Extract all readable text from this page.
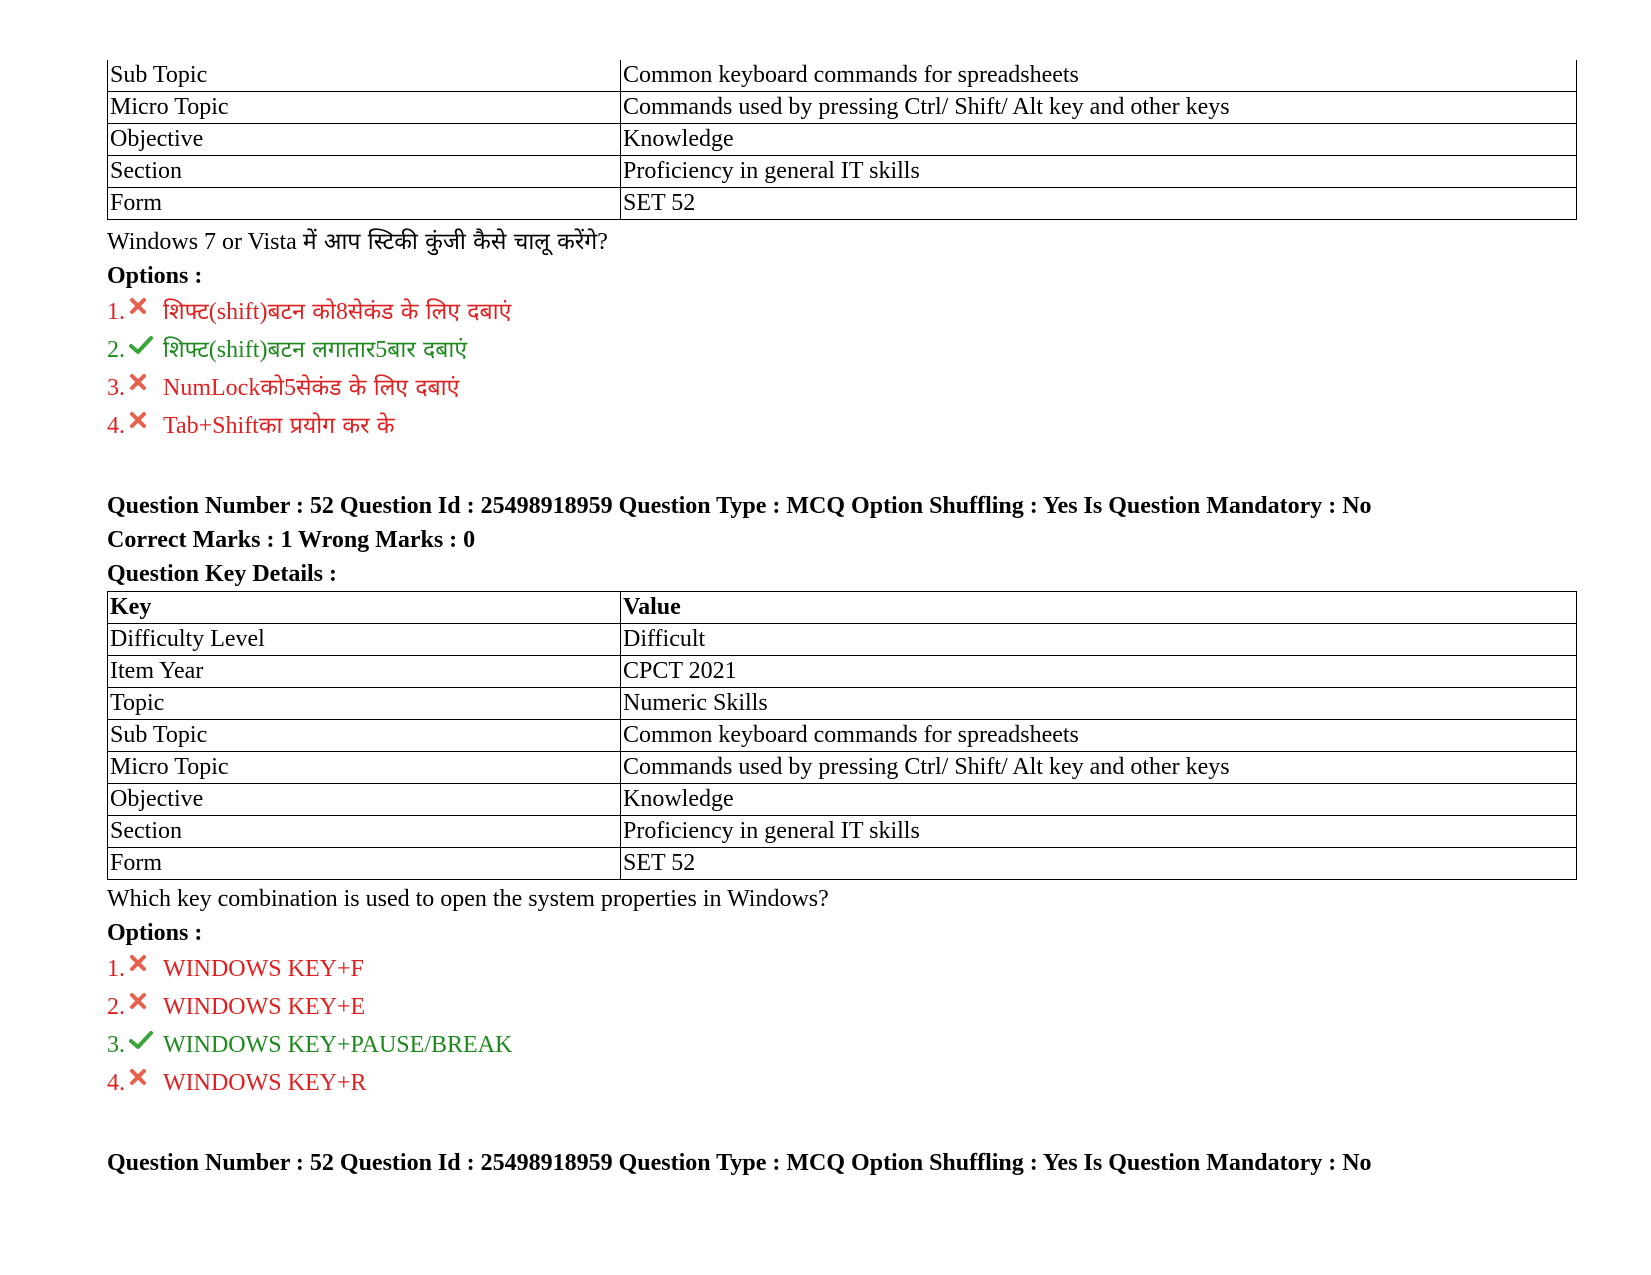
Sub Topic	Common keyboard commands for spreadsheets
Micro Topic	Commands used by pressing Ctrl/ Shift/ Alt key and other keys
Objective	Knowledge
Section	Proficiency in general IT skills
Form	SET 52
Windows 7 or Vista में आप स्टिकी कुंजी कैसे चालू करेंगे?
Options :
1. शिफ्ट (shift) बटन को 8 सेकंड के लिए दबाएं
2. शिफ्ट (shift) बटन लगातार 5 बार दबाएं
3. NumLock को 5 सेकंड के लिए दबाएं
4. Tab+Shift का प्रयोग कर के
Question Number : 52 Question Id : 25498918959 Question Type : MCQ Option Shuffling : Yes Is Question Mandatory : No
Correct Marks : 1 Wrong Marks : 0
Question Key Details :
Key	Value
Difficulty Level	Difficult
Item Year	CPCT 2021
Topic	Numeric Skills
Sub Topic	Common keyboard commands for spreadsheets
Micro Topic	Commands used by pressing Ctrl/ Shift/ Alt key and other keys
Objective	Knowledge
Section	Proficiency in general IT skills
Form	SET 52
Which key combination is used to open the system properties in Windows?
Options :
1. WINDOWS KEY+F
2. WINDOWS KEY+E
3. WINDOWS KEY+PAUSE/BREAK
4. WINDOWS KEY+R
Question Number : 52 Question Id : 25498918959 Question Type : MCQ Option Shuffling : Yes Is Question Mandatory : No
